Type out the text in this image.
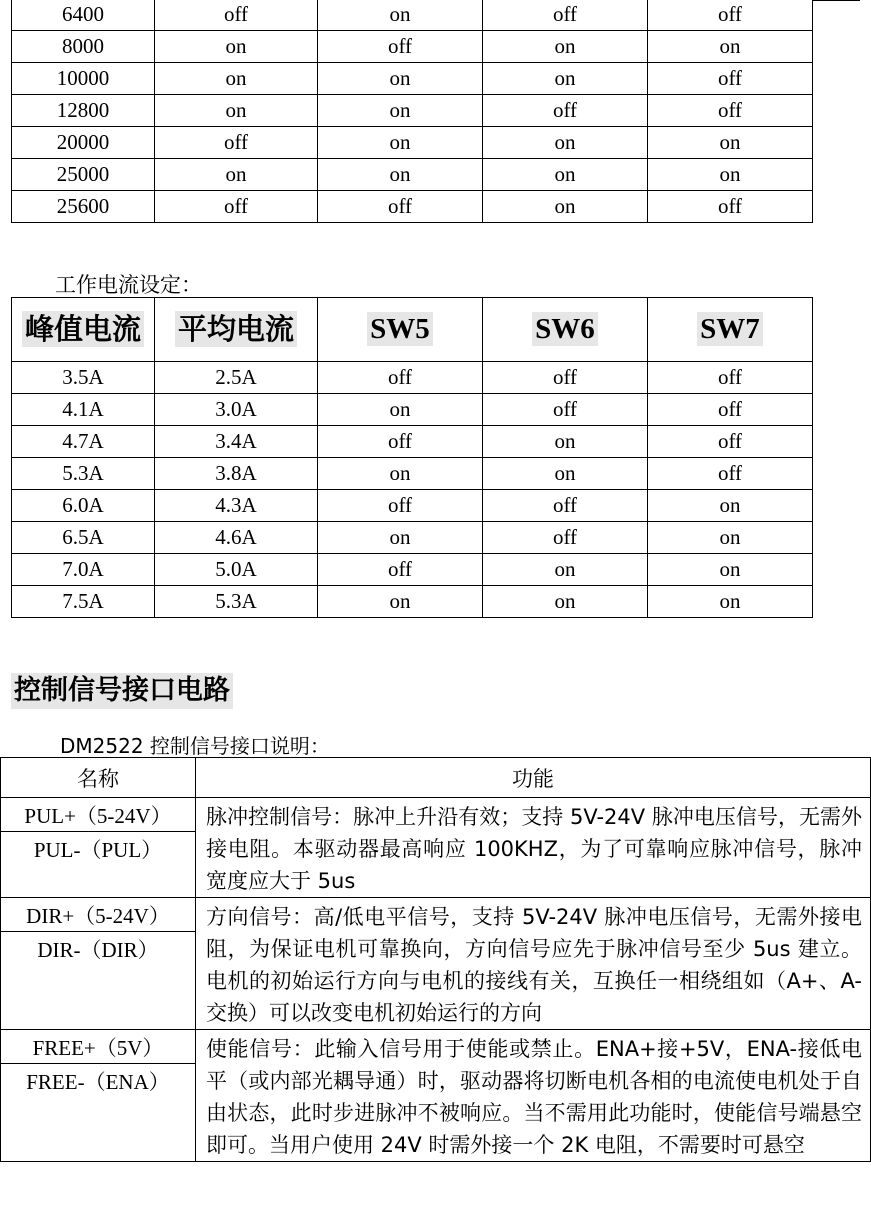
6400	off	on	off	off
8000	on	off	on	on
10000	on	on	on	off
12800	on	on	off	off
20000	off	on	on	on
25000	on	on	on	on
25600	off	off	on	off
工作电流设定：
峰值电流	平均电流	SW5	SW6	SW7
3.5A	2.5A	off	off	off
4.1A	3.0A	on	off	off
4.7A	3.4A	off	on	off
5.3A	3.8A	on	on	off
6.0A	4.3A	off	off	on
6.5A	4.6A	on	off	on
7.0A	5.0A	off	on	on
7.5A	5.3A	on	on	on
控制信号接口电路
DM2522 控制信号接口说明：
名称	功能

PUL+（5-24V）
PUL-（PUL）	脉冲控制信号：脉冲上升沿有效；支持 5V-24V 脉冲电压信号，无需外接电阻。本驱动器最高响应 100KHZ，为了可靠响应脉冲信号，脉冲宽度应大于 5us

DIR+（5-24V）
DIR-（DIR）	方向信号：高/低电平信号，支持 5V-24V 脉冲电压信号，无需外接电阻，为保证电机可靠换向，方向信号应先于脉冲信号至少 5us 建立。电机的初始运行方向与电机的接线有关，互换任一相绕组如（A+、A-交换）可以改变电机初始运行的方向

FREE+（5V）
FREE-（ENA）	使能信号：此输入信号用于使能或禁止。ENA+接+5V，ENA-接低电平（或内部光耦导通）时，驱动器将切断电机各相的电流使电机处于自由状态，此时步进脉冲不被响应。当不需用此功能时，使能信号端悬空即可。当用户使用 24V 时需外接一个 2K 电阻，不需要时可悬空
